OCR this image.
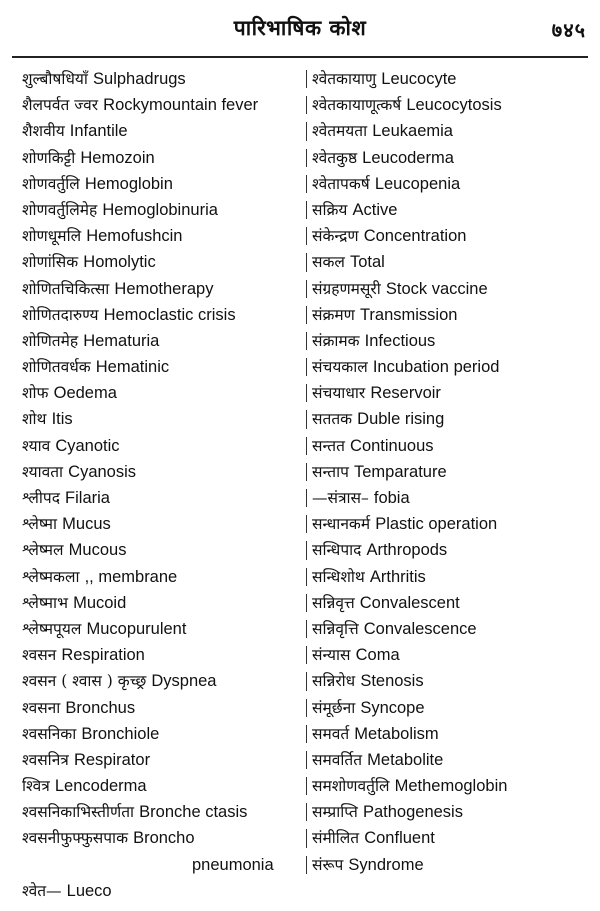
पारिभाषिक कोश	७४५
शुल्बौषधियाँ Sulphadrugs
शैलपर्वत ज्वर Rockymountain fever
शैशवीय Infantile
शोणकिट्टी Hemozoin
शोणवर्तुलि Hemoglobin
शोणवर्तुलिमेह Hemoglobinuria
शोणधूमलि Hemofushcin
शोणांसिक Homolytic
शोणितचिकित्सा Hemotherapy
शोणितदारुण्य Hemoclastic crisis
शोणितमेह Hematuria
शोणितवर्धक Hematinic
शोफ Oedema
शोथ Itis
श्याव Cyanotic
श्यावता Cyanosis
श्लीपद Filaria
श्लेष्मा Mucus
श्लेष्मल Mucous
श्लेष्मकला ,, membrane
श्लेष्माभ Mucoid
श्लेष्मपूयल Mucopurulent
श्वसन Respiration
श्वसन ( श्वास ) कृच्छ्र Dyspnea
श्वसना Bronchus
श्वसनिका Bronchiole
श्वसनित्र Respirator
श्वित्र Lencoderma
श्वसनिकाभिस्तीर्णता Bronche ctasis
श्वसनीफुफ्फुसपाक Broncho
pneumonia
श्वेत— Lueco
श्वेतकायाणु Leucocyte
श्वेतकायाणूत्कर्ष Leucocytosis
श्वेतमयता Leukaemia
श्वेतकुष्ठ Leucoderma
श्वेतापकर्ष Leucopenia
सक्रिय Active
संकेन्द्रण Concentration
सकल Total
संग्रहणमसूरी Stock vaccine
संक्रमण Transmission
संक्रामक Infectious
संचयकाल Incubation period
संचयाधार Reservoir
सततक Duble rising
सन्तत Continuous
सन्ताप Temparature
—संत्रास– fobia
सन्धानकर्म Plastic operation
सन्धिपाद Arthropods
सन्धिशोथ Arthritis
सन्निवृत्त Convalescent
सन्निवृत्ति Convalescence
संन्यास Coma
सन्निरोध Stenosis
संमूर्छना Syncope
समवर्त Metabolism
समवर्तित Metabolite
समशोणवर्तुलि Methemoglobin
सम्प्राप्ति Pathogenesis
संमीलित Confluent
संरूप Syndrome
